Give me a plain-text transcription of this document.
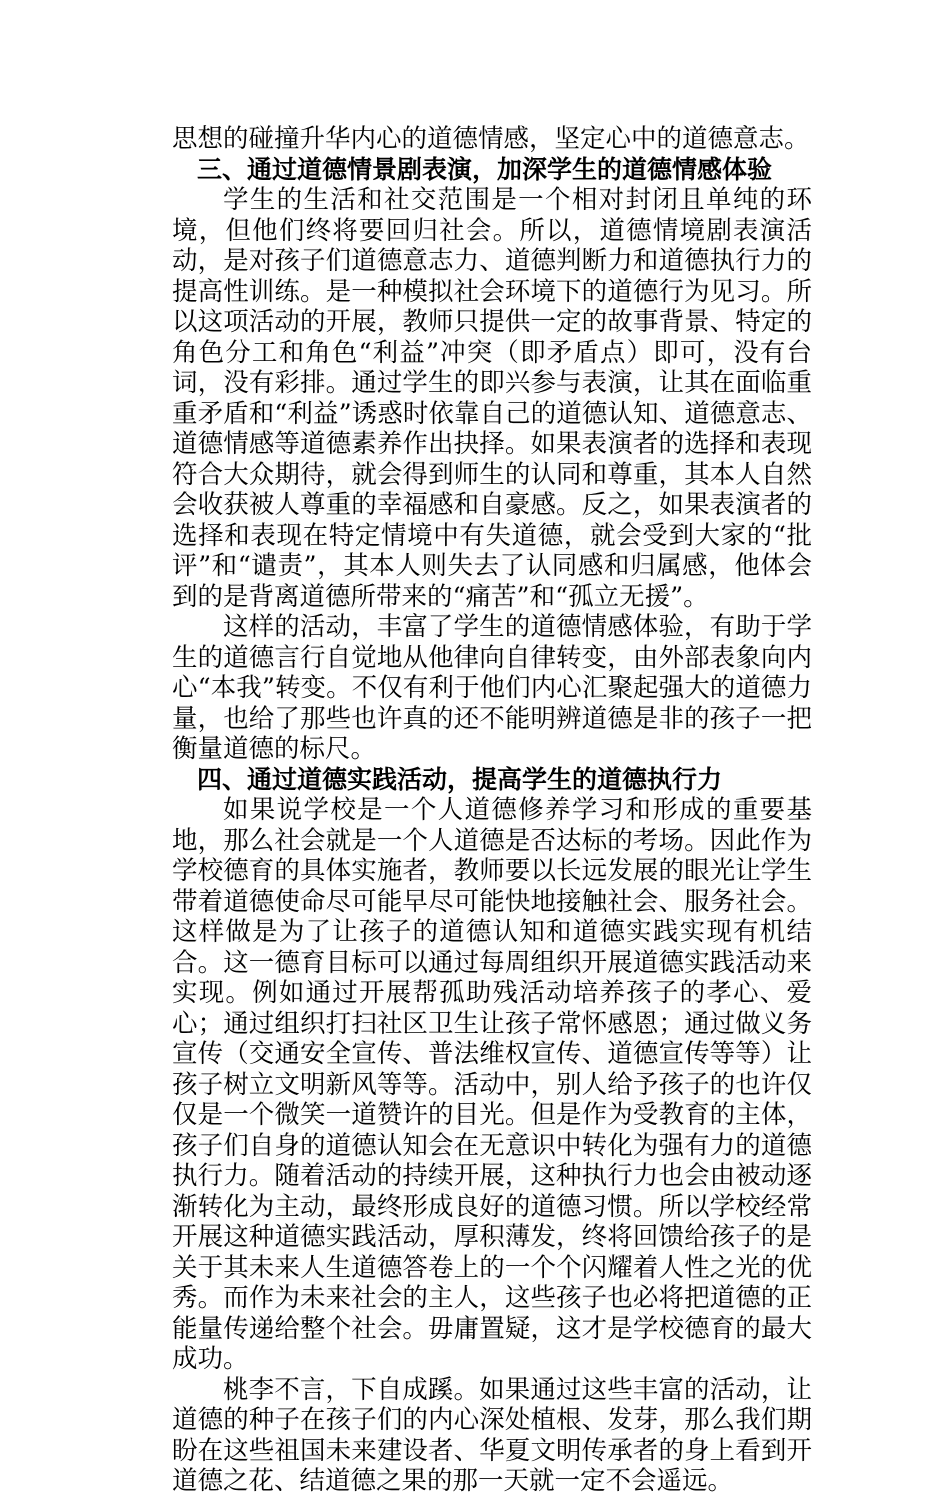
思想的碰撞升华内心的道德情感，坚定心中的道德意志。

三、通过道德情景剧表演，加深学生的道德情感体验

学生的生活和社交范围是一个相对封闭且单纯的环境，但他们终将要回归社会。所以，道德情境剧表演活动，是对孩子们道德意志力、道德判断力和道德执行力的提高性训练。是一种模拟社会环境下的道德行为见习。所以这项活动的开展，教师只提供一定的故事背景、特定的角色分工和角色“利益”冲突（即矛盾点）即可，没有台词，没有彩排。通过学生的即兴参与表演，让其在面临重重矛盾和“利益”诱惑时依靠自己的道德认知、道德意志、道德情感等道德素养作出抉择。如果表演者的选择和表现符合大众期待，就会得到师生的认同和尊重，其本人自然会收获被人尊重的幸福感和自豪感。反之，如果表演者的选择和表现在特定情境中有失道德，就会受到大家的“批评”和“谴责”，其本人则失去了认同感和归属感，他体会到的是背离道德所带来的“痛苦”和“孤立无援”。

这样的活动，丰富了学生的道德情感体验，有助于学生的道德言行自觉地从他律向自律转变，由外部表象向内心“本我”转变。不仅有利于他们内心汇聚起强大的道德力量，也给了那些也许真的还不能明辨道德是非的孩子一把衡量道德的标尺。

四、通过道德实践活动，提高学生的道德执行力

如果说学校是一个人道德修养学习和形成的重要基地，那么社会就是一个人道德是否达标的考场。因此作为学校德育的具体实施者，教师要以长远发展的眼光让学生带着道德使命尽可能早尽可能快地接触社会、服务社会。这样做是为了让孩子的道德认知和道德实践实现有机结合。这一德育目标可以通过每周组织开展道德实践活动来实现。例如通过开展帮孤助残活动培养孩子的孝心、爱心；通过组织打扫社区卫生让孩子常怀感恩；通过做义务宣传（交通安全宣传、普法维权宣传、道德宣传等等）让孩子树立文明新风等等。活动中，别人给予孩子的也许仅仅是一个微笑一道赞许的目光。但是作为受教育的主体，孩子们自身的道德认知会在无意识中转化为强有力的道德执行力。随着活动的持续开展，这种执行力也会由被动逐渐转化为主动，最终形成良好的道德习惯。所以学校经常开展这种道德实践活动，厚积薄发，终将回馈给孩子的是关于其未来人生道德答卷上的一个个闪耀着人性之光的优秀。而作为未来社会的主人，这些孩子也必将把道德的正能量传递给整个社会。毋庸置疑，这才是学校德育的最大成功。

桃李不言，下自成蹊。如果通过这些丰富的活动，让道德的种子在孩子们的内心深处植根、发芽，那么我们期盼在这些祖国未来建设者、华夏文明传承者的身上看到开道德之花、结道德之果的那一天就一定不会遥远。
